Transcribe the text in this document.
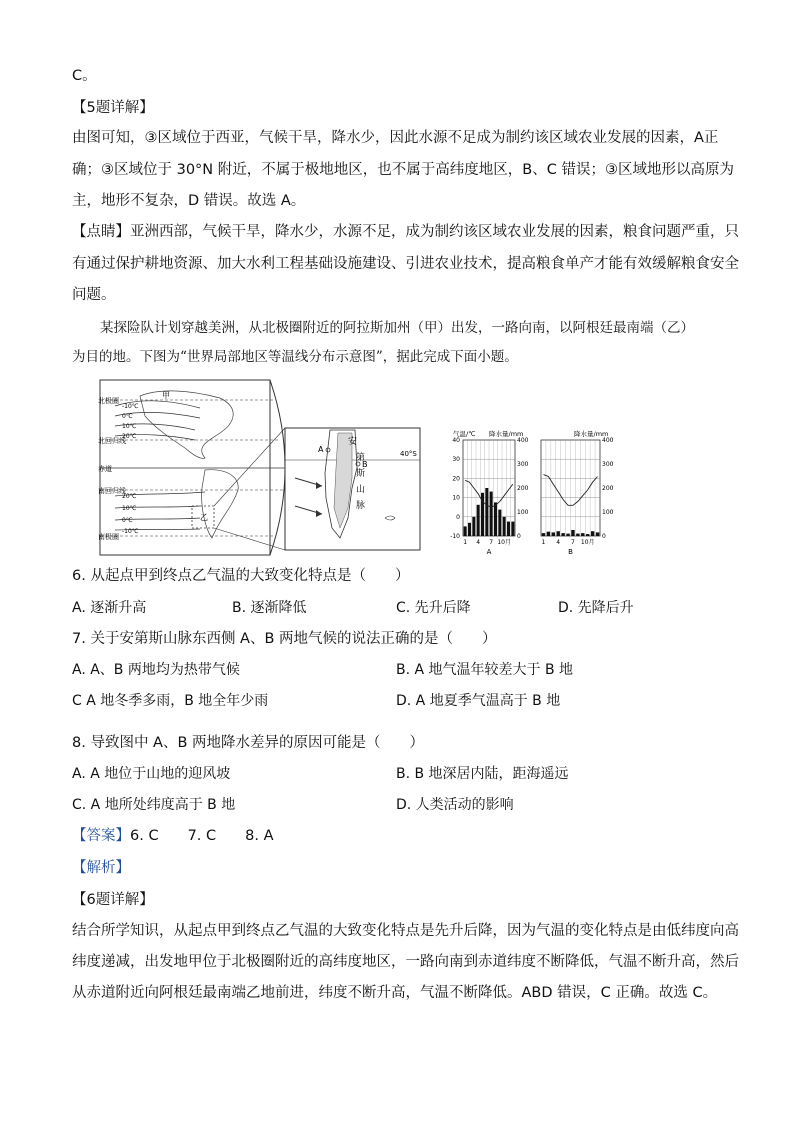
C。
【5题详解】
由图可知，③区域位于西亚，气候干旱，降水少，因此水源不足成为制约该区域农业发展的因素，A正
确；③区域位于 30°N 附近，不属于极地地区，也不属于高纬度地区，B、C 错误；③区域地形以高原为
主，地形不复杂，D 错误。故选 A。
【点睛】亚洲西部，气候干旱，降水少，水源不足，成为制约该区域农业发展的因素，粮食问题严重，只
有通过保护耕地资源、加大水利工程基础设施建设、引进农业技术，提高粮食单产才能有效缓解粮食安全
问题。
某探险队计划穿越美洲，从北极圈附近的阿拉斯加州（甲）出发，一路向南，以阿根廷最南端（乙）
为目的地。下图为“世界局部地区等温线分布示意图”，据此完成下面小题。
北极圈
北回归线
赤道
南回归线
南极圈
-10℃
0℃
10℃
20℃
20℃
10℃
0℃
-10℃
甲
乙
40°S
安
第
斯
山
脉
A
B
气温/℃ 降水量/mm
40
30
20
10
0
-10
400
300
200
100
0
1 4 7 10月
A
降水量/mm
400
300
200
100
0
1 4 7 10月
B
6. 从起点甲到终点乙气温的大致变化特点是（　　）
A. 逐渐升高	B. 逐渐降低	C. 先升后降	D. 先降后升
7. 关于安第斯山脉东西侧 A、B 两地气候的说法正确的是（　　）
A. A、B 两地均为热带气候	B. A 地气温年较差大于 B 地
C A 地冬季多雨，B 地全年少雨	D. A 地夏季气温高于 B 地
8. 导致图中 A、B 两地降水差异的原因可能是（　　）
A. A 地位于山地的迎风坡	B. B 地深居内陆，距海遥远
C. A 地所处纬度高于 B 地	D. 人类活动的影响
【答案】6. C　　7. C　　8. A
【解析】
【6题详解】
结合所学知识，从起点甲到终点乙气温的大致变化特点是先升后降，因为气温的变化特点是由低纬度向高
纬度递减，出发地甲位于北极圈附近的高纬度地区，一路向南到赤道纬度不断降低，气温不断升高，然后
从赤道附近向阿根廷最南端乙地前进，纬度不断升高，气温不断降低。ABD 错误，C 正确。故选 C。
